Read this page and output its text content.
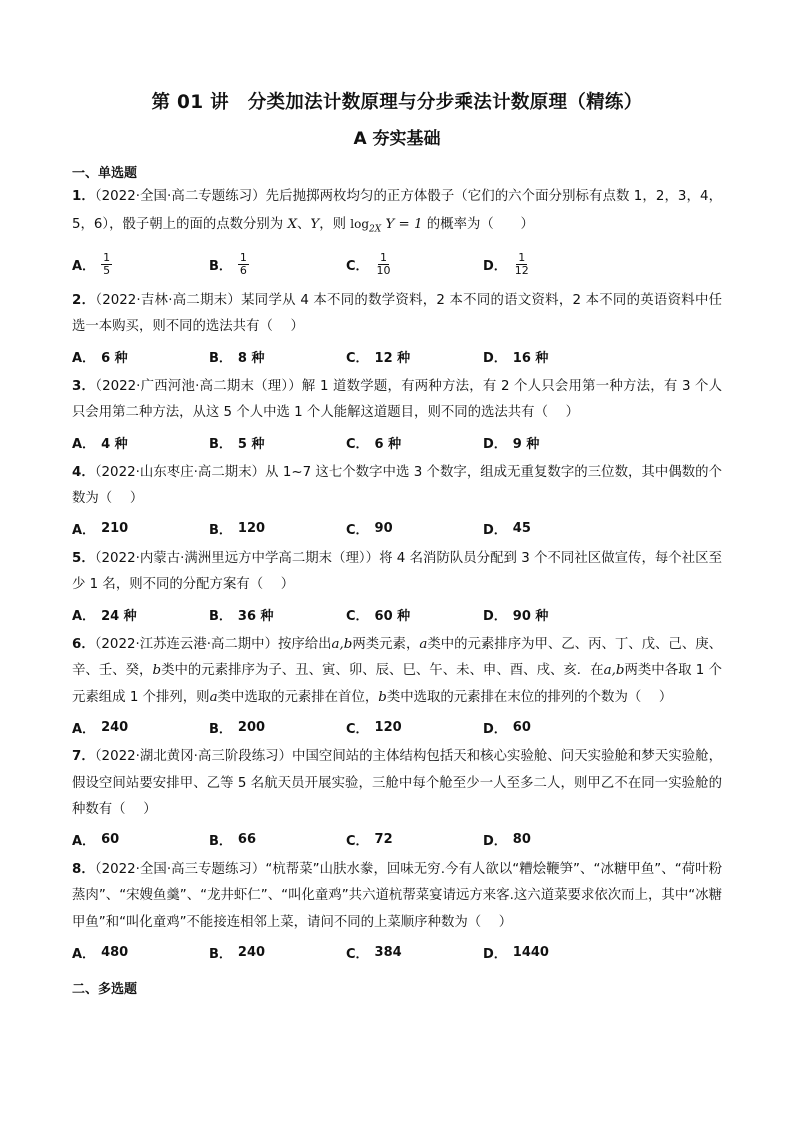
第 01 讲　分类加法计数原理与分步乘法计数原理（精练）
A 夯实基础
一、单选题
1．（2022·全国·高二专题练习）先后抛掷两枚均匀的正方体骰子（它们的六个面分别标有点数 1，2，3，4，5，6），骰子朝上的面的点数分别为 X、Y，则 $\log_{2X} Y = 1$ 的概率为（　　）
A． $\frac{1}{5}$	B． $\frac{1}{6}$	C． $\frac{1}{10}$	D． $\frac{1}{12}$
2．（2022·吉林·高二期末）某同学从 4 本不同的数学资料，2 本不同的语文资料，2 本不同的英语资料中任选一本购买，则不同的选法共有（　 ）
A． 6 种	B． 8 种	C． 12 种	D． 16 种
3．（2022·广西河池·高二期末（理））解 1 道数学题，有两种方法，有 2 个人只会用第一种方法，有 3 个人只会用第二种方法，从这 5 个人中选 1 个人能解这道题目，则不同的选法共有（　 ）
A． 4 种	B． 5 种	C． 6 种	D． 9 种
4．（2022·山东枣庄·高二期末）从 1~7 这七个数字中选 3 个数字，组成无重复数字的三位数，其中偶数的个数为（　 ）
A． 210	B． 120	C． 90	D． 45
5．（2022·内蒙古·满洲里远方中学高二期末（理））将 4 名消防队员分配到 3 个不同社区做宣传，每个社区至少 1 名，则不同的分配方案有（　 ）
A． 24 种	B． 36 种	C． 60 种	D． 90 种
6．（2022·江苏连云港·高二期中）按序给出a,b两类元素，a类中的元素排序为甲、乙、丙、丁、戊、己、庚、辛、壬、癸，b类中的元素排序为子、丑、寅、卯、辰、巳、午、未、申、酉、戌、亥．在a,b两类中各取 1 个元素组成 1 个排列，则a类中选取的元素排在首位，b类中选取的元素排在末位的排列的个数为（　 ）
A． 240	B． 200	C． 120	D． 60
7．（2022·湖北黄冈·高三阶段练习）中国空间站的主体结构包括天和核心实验舱、问天实验舱和梦天实验舱，假设空间站要安排甲、乙等 5 名航天员开展实验，三舱中每个舱至少一人至多二人，则甲乙不在同一实验舱的种数有（　 ）
A． 60	B． 66	C． 72	D． 80
8．（2022·全国·高三专题练习）“杭帮菜”山肤水豢，回味无穷.今有人欲以“糟烩鞭笋”、“冰糖甲鱼”、“荷叶粉蒸肉”、“宋嫂鱼羹”、“龙井虾仁”、“叫化童鸡”共六道杭帮菜宴请远方来客.这六道菜要求依次而上，其中“冰糖甲鱼”和“叫化童鸡”不能接连相邻上菜，请问不同的上菜顺序种数为（　 ）
A． 480	B． 240	C． 384	D． 1440
二、多选题
